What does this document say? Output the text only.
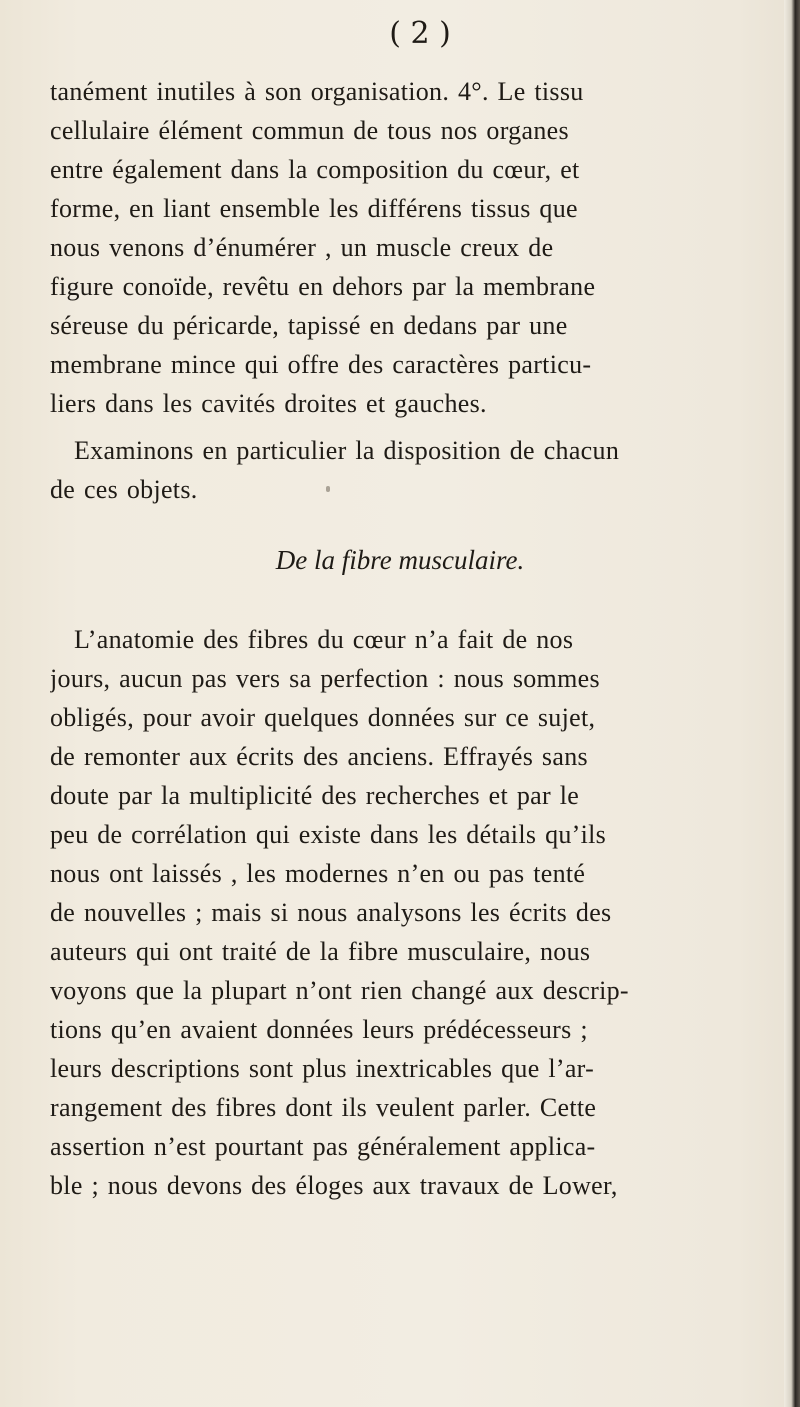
( 2 )
tanément inutiles à son organisation. 4°. Le tissu
cellulaire élément commun de tous nos organes
entre également dans la composition du cœur, et
forme, en liant ensemble les différens tissus que
nous venons d’énumérer , un muscle creux de
figure conoïde, revêtu en dehors par la membrane
séreuse du péricarde, tapissé en dedans par une
membrane mince qui offre des caractères particu-
liers dans les cavités droites et gauches.
Examinons en particulier la disposition de chacun
de ces objets.
De la fibre musculaire.
L’anatomie des fibres du cœur n’a fait de nos
jours, aucun pas vers sa perfection : nous sommes
obligés, pour avoir quelques données sur ce sujet,
de remonter aux écrits des anciens. Effrayés sans
doute par la multiplicité des recherches et par le
peu de corrélation qui existe dans les détails qu’ils
nous ont laissés , les modernes n’en ou pas tenté
de nouvelles ; mais si nous analysons les écrits des
auteurs qui ont traité de la fibre musculaire, nous
voyons que la plupart n’ont rien changé aux descrip-
tions qu’en avaient données leurs prédécesseurs ;
leurs descriptions sont plus inextricables que l’ar-
rangement des fibres dont ils veulent parler. Cette
assertion n’est pourtant pas généralement applica-
ble ; nous devons des éloges aux travaux de Lower,
